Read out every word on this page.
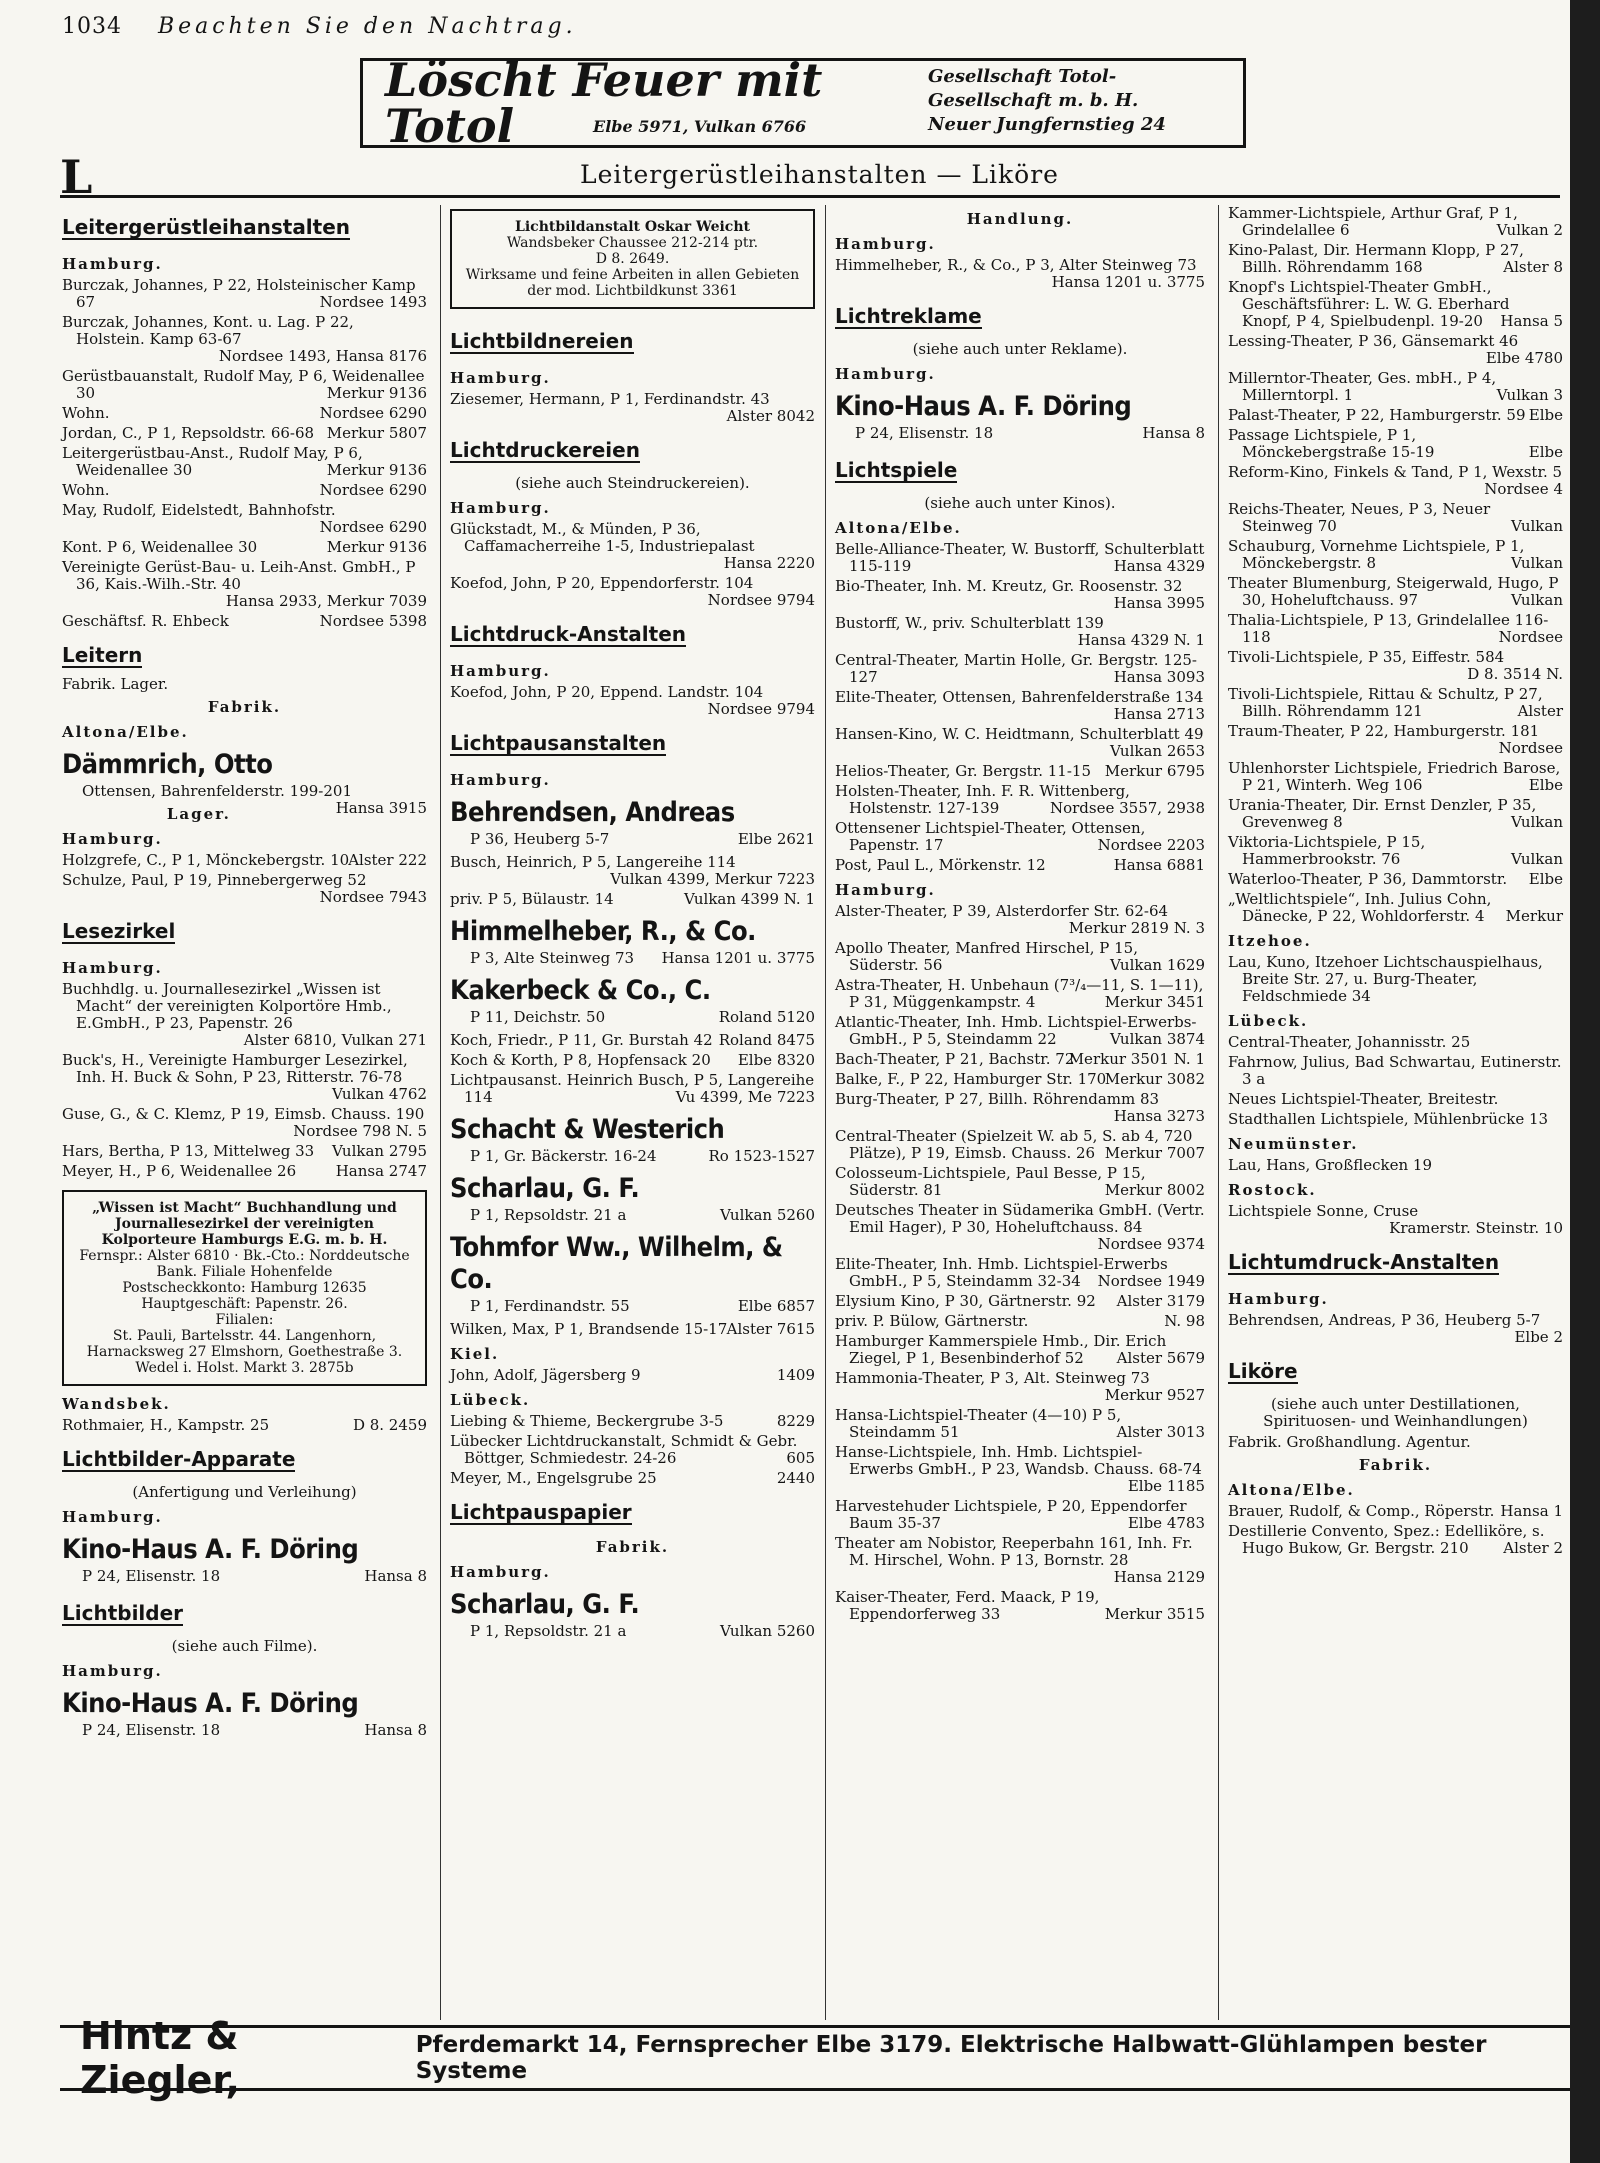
1034 Beachten Sie den Nachtrag.
Löscht Feuer mit Totol	Elbe 5971, Vulkan 6766
Gesellschaft Totol-Gesellschaft m. b. H.
Neuer Jungfernstieg 24
L	Leitergerüstleihanstalten — Liköre
Leitergerüstleihanstalten
Hamburg.
Burczak, Johannes, P 22, Holsteinischer Kamp 67	Nordsee 1493
Burczak, Johannes, Kont. u. Lag. P 22, Holstein. Kamp 63-67
Nordsee 1493, Hansa 8176
Gerüstbauanstalt, Rudolf May, P 6, Weidenallee 30	Merkur 9136
Wohn.	Nordsee 6290
Jordan, C., P 1, Repsoldstr. 66-68 Merkur 5807
Leitergerüstbau-Anst., Rudolf May, P 6, Weidenallee 30	Merkur 9136
Wohn.	Nordsee 6290
May, Rudolf, Eidelstedt, Bahnhofstr.
Nordsee 6290
Kont. P 6, Weidenallee 30	Merkur 9136
Vereinigte Gerüst-Bau- u. Leih-Anst. GmbH., P 36, Kais.-Wilh.-Str. 40
Hansa 2933, Merkur 7039
Geschäftsf. R. Ehbeck	Nordsee 5398
Leitern
Fabrik. Lager.
Fabrik.
Altona/Elbe.
Dämmrich, Otto
Ottensen, Bahrenfelderstr. 199-201
Hansa 3915
Lager.
Hamburg.
Holzgrefe, C., P 1, Mönckebergstr. 10 Alster 222
Schulze, Paul, P 19, Pinnebergerweg 52
Nordsee 7943
Lesezirkel
Hamburg.
Buchhdlg. u. Journallesezirkel „Wissen ist Macht“ der vereinigten Kolportöre Hmb., E.GmbH., P 23, Papenstr. 26
Alster 6810, Vulkan 271
Buck's, H., Vereinigte Hamburger Lesezirkel, Inh. H. Buck & Sohn, P 23, Ritterstr. 76-78
Vulkan 4762
Guse, G., & C. Klemz, P 19, Eimsb. Chauss. 190
Nordsee 798 N. 5
Hars, Bertha, P 13, Mittelweg 33 Vulkan 2795
Meyer, H., P 6, Weidenallee 26	Hansa 2747
„Wissen ist Macht“ Buchhandlung und Journallesezirkel der vereinigten Kolporteure Hamburgs E.G. m. b. H.
Fernspr.: Alster 6810 · Bk.-Cto.: Norddeutsche Bank. Filiale Hohenfelde
Postscheckkonto: Hamburg 12635
Hauptgeschäft: Papenstr. 26.
Filialen:
St. Pauli, Bartelsstr. 44. Langenhorn, Harnacksweg 27 Elmshorn, Goethestraße 3. Wedel i. Holst. Markt 3. 2875b
Wandsbek.
Rothmaier, H., Kampstr. 25	D 8. 2459
Lichtbilder-Apparate
(Anfertigung und Verleihung)
Hamburg.
Kino-Haus A. F. Döring
P 24, Elisenstr. 18	Hansa 8
Lichtbilder
(siehe auch Filme).
Hamburg.
Kino-Haus A. F. Döring
P 24, Elisenstr. 18	Hansa 8
Lichtbildanstalt Oskar Weicht
Wandsbeker Chaussee 212-214 ptr.
D 8. 2649.
Wirksame und feine Arbeiten in allen Gebieten der mod. Lichtbildkunst 3361
Lichtbildnereien
Hamburg.
Ziesemer, Hermann, P 1, Ferdinandstr. 43
Alster 8042
Lichtdruckereien
(siehe auch Steindruckereien).
Hamburg.
Glückstadt, M., & Münden, P 36, Caffamacherreihe 1-5, Industriepalast
Hansa 2220
Koefod, John, P 20, Eppendorferstr. 104
Nordsee 9794
Lichtdruck-Anstalten
Hamburg.
Koefod, John, P 20, Eppend. Landstr. 104
Nordsee 9794
Lichtpausanstalten
Hamburg.
Behrendsen, Andreas
P 36, Heuberg 5-7	Elbe 2621
Busch, Heinrich, P 5, Langereihe 114
Vulkan 4399, Merkur 7223
priv. P 5, Bülaustr. 14	Vulkan 4399 N. 1
Himmelheber, R., & Co.
P 3, Alte Steinweg 73 Hansa 1201 u. 3775
Kakerbeck & Co., C.
P 11, Deichstr. 50	Roland 5120
Koch, Friedr., P 11, Gr. Burstah 42 Roland 8475
Koch & Korth, P 8, Hopfensack 20 Elbe 8320
Lichtpausanst. Heinrich Busch, P 5, Langereihe 114	Vu 4399, Me 7223
Schacht & Westerich
P 1, Gr. Bäckerstr. 16-24	Ro 1523-1527
Scharlau, G. F.
P 1, Repsoldstr. 21 a	Vulkan 5260
Tohmfor Ww., Wilhelm, & Co.
P 1, Ferdinandstr. 55	Elbe 6857
Wilken, Max, P 1, Brandsende 15-17 Alster 7615
Kiel.
John, Adolf, Jägersberg 9	1409
Lübeck.
Liebing & Thieme, Beckergrube 3-5	8229
Lübecker Lichtdruckanstalt, Schmidt & Gebr. Böttger, Schmiedestr. 24-26	605
Meyer, M., Engelsgrube 25	2440
Lichtpauspapier
Fabrik.
Hamburg.
Scharlau, G. F.
P 1, Repsoldstr. 21 a	Vulkan 5260
Handlung.
Hamburg.
Himmelheber, R., & Co., P 3, Alter Steinweg 73
Hansa 1201 u. 3775
Lichtreklame
(siehe auch unter Reklame).
Hamburg.
Kino-Haus A. F. Döring
P 24, Elisenstr. 18	Hansa 8
Lichtspiele
(siehe auch unter Kinos).
Altona/Elbe.
Belle-Alliance-Theater, W. Bustorff, Schulterblatt 115-119	Hansa 4329
Bio-Theater, Inh. M. Kreutz, Gr. Roosenstr. 32
Hansa 3995
Bustorff, W., priv. Schulterblatt 139
Hansa 4329 N. 1
Central-Theater, Martin Holle, Gr. Bergstr. 125-127	Hansa 3093
Elite-Theater, Ottensen, Bahrenfelderstraße 134
Hansa 2713
Hansen-Kino, W. C. Heidtmann, Schulterblatt 49
Vulkan 2653
Helios-Theater, Gr. Bergstr. 11-15 Merkur 6795
Holsten-Theater, Inh. F. R. Wittenberg, Holstenstr. 127-139	Nordsee 3557, 2938
Ottensener Lichtspiel-Theater, Ottensen, Papenstr. 17	Nordsee 2203
Post, Paul L., Mörkenstr. 12	Hansa 6881
Hamburg.
Alster-Theater, P 39, Alsterdorfer Str. 62-64
Merkur 2819 N. 3
Apollo Theater, Manfred Hirschel, P 15, Süderstr. 56	Vulkan 1629
Astra-Theater, H. Unbehaun (7³/₄—11, S. 1—11), P 31, Müggenkampstr. 4	Merkur 3451
Atlantic-Theater, Inh. Hmb. Lichtspiel-Erwerbs-GmbH., P 5, Steindamm 22	Vulkan 3874
Bach-Theater, P 21, Bachstr. 72
Merkur 3501 N. 1
Balke, F., P 22, Hamburger Str. 170
Merkur 3082
Burg-Theater, P 27, Billh. Röhrendamm 83
Hansa 3273
Central-Theater (Spielzeit W. ab 5, S. ab 4, 720 Plätze), P 19, Eimsb. Chauss. 26 Merkur 7007
Colosseum-Lichtspiele, Paul Besse, P 15, Süderstr. 81	Merkur 8002
Deutsches Theater in Südamerika GmbH. (Vertr. Emil Hager), P 30, Hoheluftchauss. 84
Nordsee 9374
Elite-Theater, Inh. Hmb. Lichtspiel-Erwerbs GmbH., P 5, Steindamm 32-34 Nordsee 1949
Elysium Kino, P 30, Gärtnerstr. 92 Alster 3179
priv. P. Bülow, Gärtnerstr.	N. 98
Hamburger Kammerspiele Hmb., Dir. Erich Ziegel, P 1, Besenbinderhof 52 Alster 5679
Hammonia-Theater, P 3, Alt. Steinweg 73
Merkur 9527
Hansa-Lichtspiel-Theater (4—10) P 5, Steindamm 51	Alster 3013
Hanse-Lichtspiele, Inh. Hmb. Lichtspiel-Erwerbs GmbH., P 23, Wandsb. Chauss. 68-74
Elbe 1185
Harvestehuder Lichtspiele, P 20, Eppendorfer Baum 35-37	Elbe 4783
Theater am Nobistor, Reeperbahn 161, Inh. Fr. M. Hirschel, Wohn. P 13, Bornstr. 28
Hansa 2129
Kaiser-Theater, Ferd. Maack, P 19, Eppendorferweg 33	Merkur 3515
Kammer-Lichtspiele, Arthur Graf, P 1, Grindelallee 6	Vulkan 2
Kino-Palast, Dir. Hermann Klopp, P 27, Billh. Röhrendamm 168	Alster 8
Knopf's Lichtspiel-Theater GmbH., Geschäftsführer: L. W. G. Eberhard Knopf, P 4, Spielbudenpl. 19-20 Hansa 5
Lessing-Theater, P 36, Gänsemarkt 46
Elbe 4780
Millerntor-Theater, Ges. mbH., P 4, Millerntorpl. 1	Vulkan 3
Palast-Theater, P 22, Hamburgerstr. 59 Elbe
Passage Lichtspiele, P 1, Mönckebergstraße 15-19	Elbe
Reform-Kino, Finkels & Tand, P 1, Wexstr. 5
Nordsee 4
Reichs-Theater, Neues, P 3, Neuer Steinweg 70	Vulkan
Schauburg, Vornehme Lichtspiele, P 1, Mönckebergstr. 8	Vulkan
Theater Blumenburg, Steigerwald, Hugo, P 30, Hoheluftchauss. 97	Vulkan
Thalia-Lichtspiele, P 13, Grindelallee 116-118	Nordsee
Tivoli-Lichtspiele, P 35, Eiffestr. 584
D 8. 3514 N.
Tivoli-Lichtspiele, Rittau & Schultz, P 27, Billh. Röhrendamm 121	Alster
Traum-Theater, P 22, Hamburgerstr. 181
Nordsee
Uhlenhorster Lichtspiele, Friedrich Barose, P 21, Winterh. Weg 106	Elbe
Urania-Theater, Dir. Ernst Denzler, P 35, Grevenweg 8	Vulkan
Viktoria-Lichtspiele, P 15, Hammerbrookstr. 76	Vulkan
Waterloo-Theater, P 36, Dammtorstr. Elbe
„Weltlichtspiele“, Inh. Julius Cohn, Dänecke, P 22, Wohldorferstr. 4 Merkur
Itzehoe.
Lau, Kuno, Itzehoer Lichtschauspielhaus, Breite Str. 27, u. Burg-Theater, Feldschmiede 34
Lübeck.
Central-Theater, Johannisstr. 25
Fahrnow, Julius, Bad Schwartau, Eutinerstr. 3 a
Neues Lichtspiel-Theater, Breitestr.
Stadthallen Lichtspiele, Mühlenbrücke 13
Neumünster.
Lau, Hans, Großflecken 19
Rostock.
Lichtspiele Sonne, Cruse
Kramerstr. Steinstr. 10
Lichtumdruck-Anstalten
Hamburg.
Behrendsen, Andreas, P 36, Heuberg 5-7
Elbe 2
Liköre
(siehe auch unter Destillationen, Spirituosen- und Weinhandlungen)
Fabrik. Großhandlung. Agentur.
Fabrik.
Altona/Elbe.
Brauer, Rudolf, & Comp., Röperstr. Hansa 1
Destillerie Convento, Spez.: Edelliköre, s. Hugo Bukow, Gr. Bergstr. 210 Alster 2
Hintz & Ziegler,
Pferdemarkt 14, Fernsprecher Elbe 3179. Elektrische Halbwatt-Glühlampen bester Systeme
